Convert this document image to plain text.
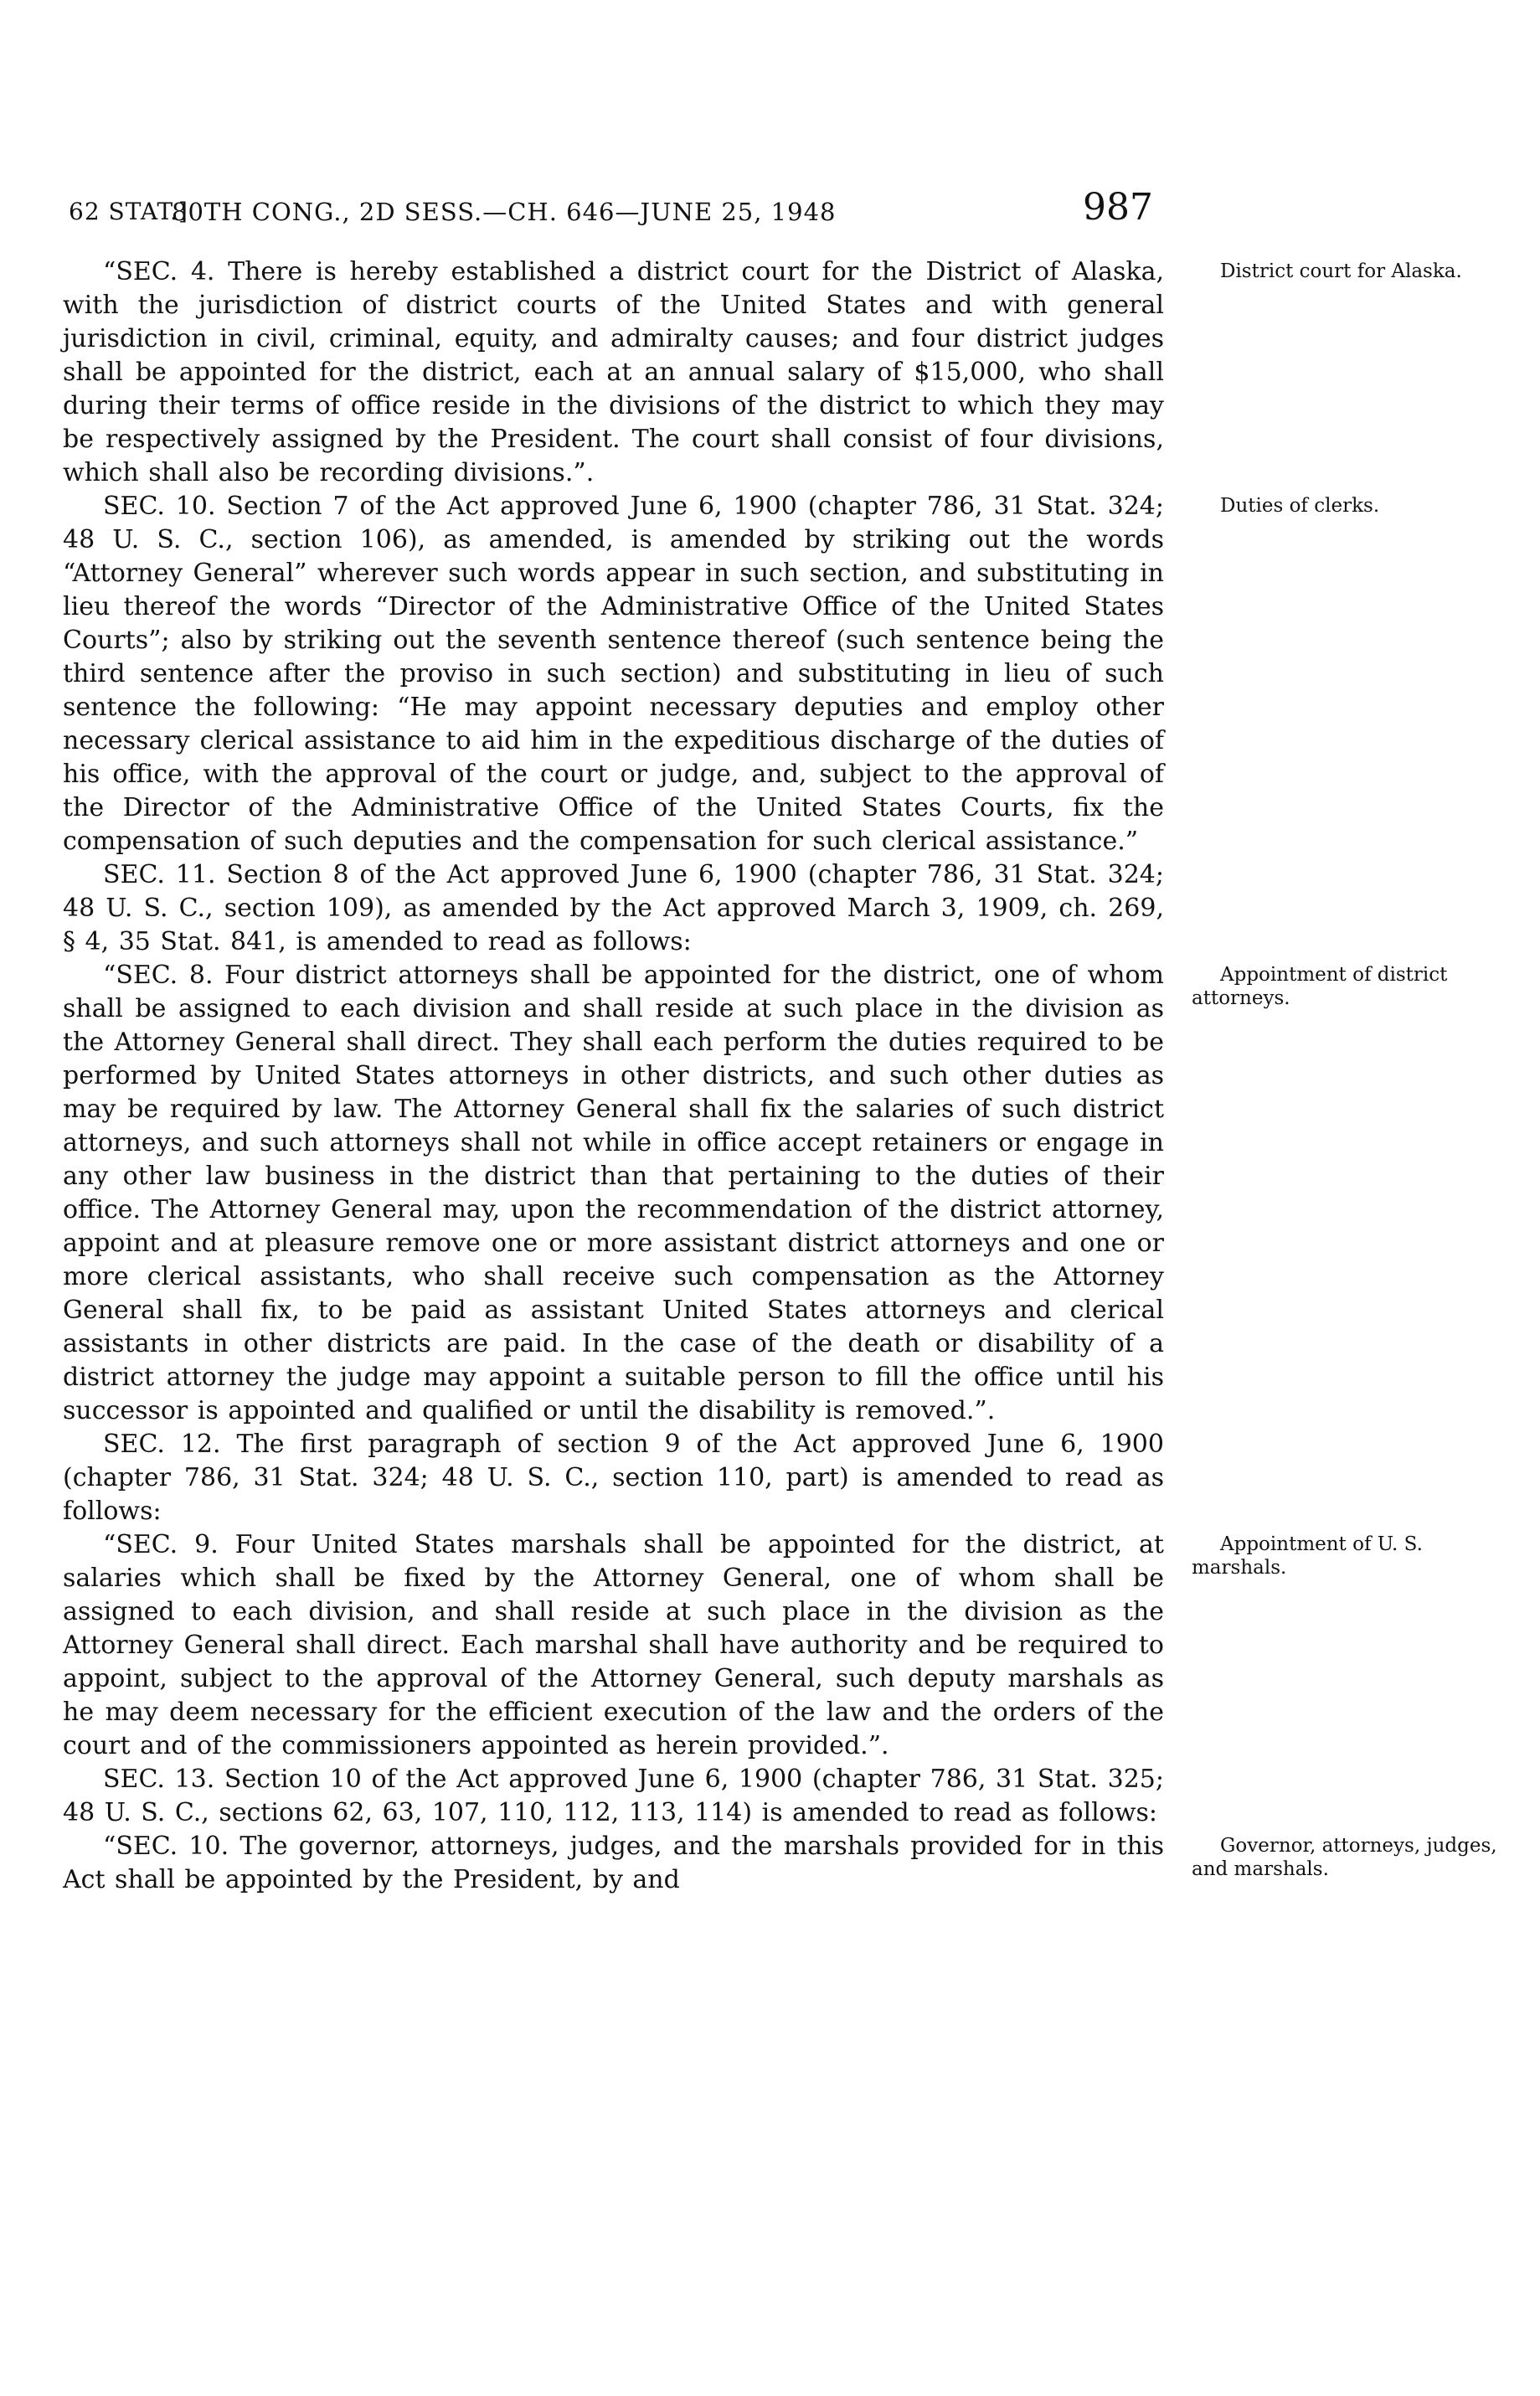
62 STAT.]
80TH CONG., 2D SESS.—CH. 646—JUNE 25, 1948	987

“SEC. 4. There is hereby established a district court for the District of Alaska, with the jurisdiction of district courts of the United States and with general jurisdiction in civil, criminal, equity, and admiralty causes; and four district judges shall be appointed for the district, each at an annual salary of $15,000, who shall during their terms of office reside in the divisions of the district to which they may be respectively assigned by the President. The court shall consist of four divisions, which shall also be recording divisions.”.

District court for Alaska.

SEC. 10. Section 7 of the Act approved June 6, 1900 (chapter 786, 31 Stat. 324; 48 U. S. C., section 106), as amended, is amended by striking out the words “Attorney General” wherever such words appear in such section, and substituting in lieu thereof the words “Director of the Administrative Office of the United States Courts”; also by striking out the seventh sentence thereof (such sentence being the third sentence after the proviso in such section) and substituting in lieu of such sentence the following: “He may appoint necessary deputies and employ other necessary clerical assistance to aid him in the expeditious discharge of the duties of his office, with the approval of the court or judge, and, subject to the approval of the Director of the Administrative Office of the United States Courts, fix the compensation of such deputies and the compensation for such clerical assistance.”

Duties of clerks.

SEC. 11. Section 8 of the Act approved June 6, 1900 (chapter 786, 31 Stat. 324; 48 U. S. C., section 109), as amended by the Act approved March 3, 1909, ch. 269, § 4, 35 Stat. 841, is amended to read as follows:

“SEC. 8. Four district attorneys shall be appointed for the district, one of whom shall be assigned to each division and shall reside at such place in the division as the Attorney General shall direct. They shall each perform the duties required to be performed by United States attorneys in other districts, and such other duties as may be required by law. The Attorney General shall fix the salaries of such district attorneys, and such attorneys shall not while in office accept retainers or engage in any other law business in the district than that pertaining to the duties of their office. The Attorney General may, upon the recommendation of the district attorney, appoint and at pleasure remove one or more assistant district attorneys and one or more clerical assistants, who shall receive such compensation as the Attorney General shall fix, to be paid as assistant United States attorneys and clerical assistants in other districts are paid. In the case of the death or disability of a district attorney the judge may appoint a suitable person to fill the office until his successor is appointed and qualified or until the disability is removed.”.

Appointment of district attorneys.

SEC. 12. The first paragraph of section 9 of the Act approved June 6, 1900 (chapter 786, 31 Stat. 324; 48 U. S. C., section 110, part) is amended to read as follows:

“SEC. 9. Four United States marshals shall be appointed for the district, at salaries which shall be fixed by the Attorney General, one of whom shall be assigned to each division, and shall reside at such place in the division as the Attorney General shall direct. Each marshal shall have authority and be required to appoint, subject to the approval of the Attorney General, such deputy marshals as he may deem necessary for the efficient execution of the law and the orders of the court and of the commissioners appointed as herein provided.”.

Appointment of U. S. marshals.

SEC. 13. Section 10 of the Act approved June 6, 1900 (chapter 786, 31 Stat. 325; 48 U. S. C., sections 62, 63, 107, 110, 112, 113, 114) is amended to read as follows:

“SEC. 10. The governor, attorneys, judges, and the marshals provided for in this Act shall be appointed by the President, by and

Governor, attorneys, judges, and marshals.
